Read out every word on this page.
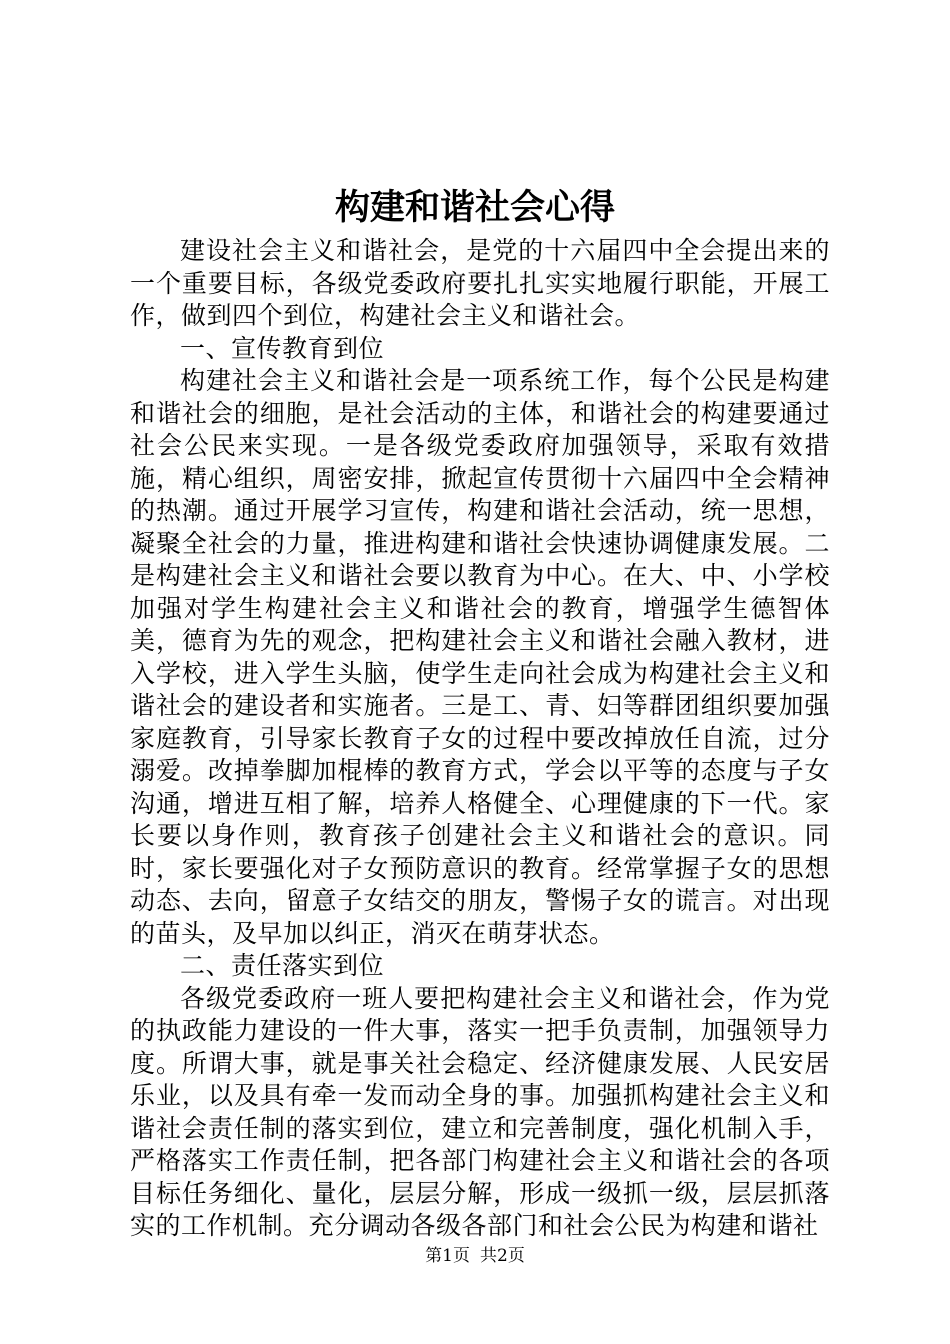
构建和谐社会心得

建设社会主义和谐社会，是党的十六届四中全会提出来的一个重要目标，各级党委政府要扎扎实实地履行职能，开展工作，做到四个到位，构建社会主义和谐社会。

一、宣传教育到位

构建社会主义和谐社会是一项系统工作，每个公民是构建和谐社会的细胞，是社会活动的主体，和谐社会的构建要通过社会公民来实现。一是各级党委政府加强领导，采取有效措施，精心组织，周密安排，掀起宣传贯彻十六届四中全会精神的热潮。通过开展学习宣传，构建和谐社会活动，统一思想，凝聚全社会的力量，推进构建和谐社会快速协调健康发展。二是构建社会主义和谐社会要以教育为中心。在大、中、小学校加强对学生构建社会主义和谐社会的教育，增强学生德智体美，德育为先的观念，把构建社会主义和谐社会融入教材，进入学校，进入学生头脑，使学生走向社会成为构建社会主义和谐社会的建设者和实施者。三是工、青、妇等群团组织要加强家庭教育，引导家长教育子女的过程中要改掉放任自流，过分溺爱。改掉拳脚加棍棒的教育方式，学会以平等的态度与子女沟通，增进互相了解，培养人格健全、心理健康的下一代。家长要以身作则，教育孩子创建社会主义和谐社会的意识。同时，家长要强化对子女预防意识的教育。经常掌握子女的思想动态、去向，留意子女结交的朋友，警惕子女的谎言。对出现的苗头，及早加以纠正，消灭在萌芽状态。

二、责任落实到位

各级党委政府一班人要把构建社会主义和谐社会，作为党的执政能力建设的一件大事，落实一把手负责制，加强领导力度。所谓大事，就是事关社会稳定、经济健康发展、人民安居乐业，以及具有牵一发而动全身的事。加强抓构建社会主义和谐社会责任制的落实到位，建立和完善制度，强化机制入手，严格落实工作责任制，把各部门构建社会主义和谐社会的各项目标任务细化、量化，层层分解，形成一级抓一级，层层抓落实的工作机制。充分调动各级各部门和社会公民为构建和谐社

第1页 共2页
